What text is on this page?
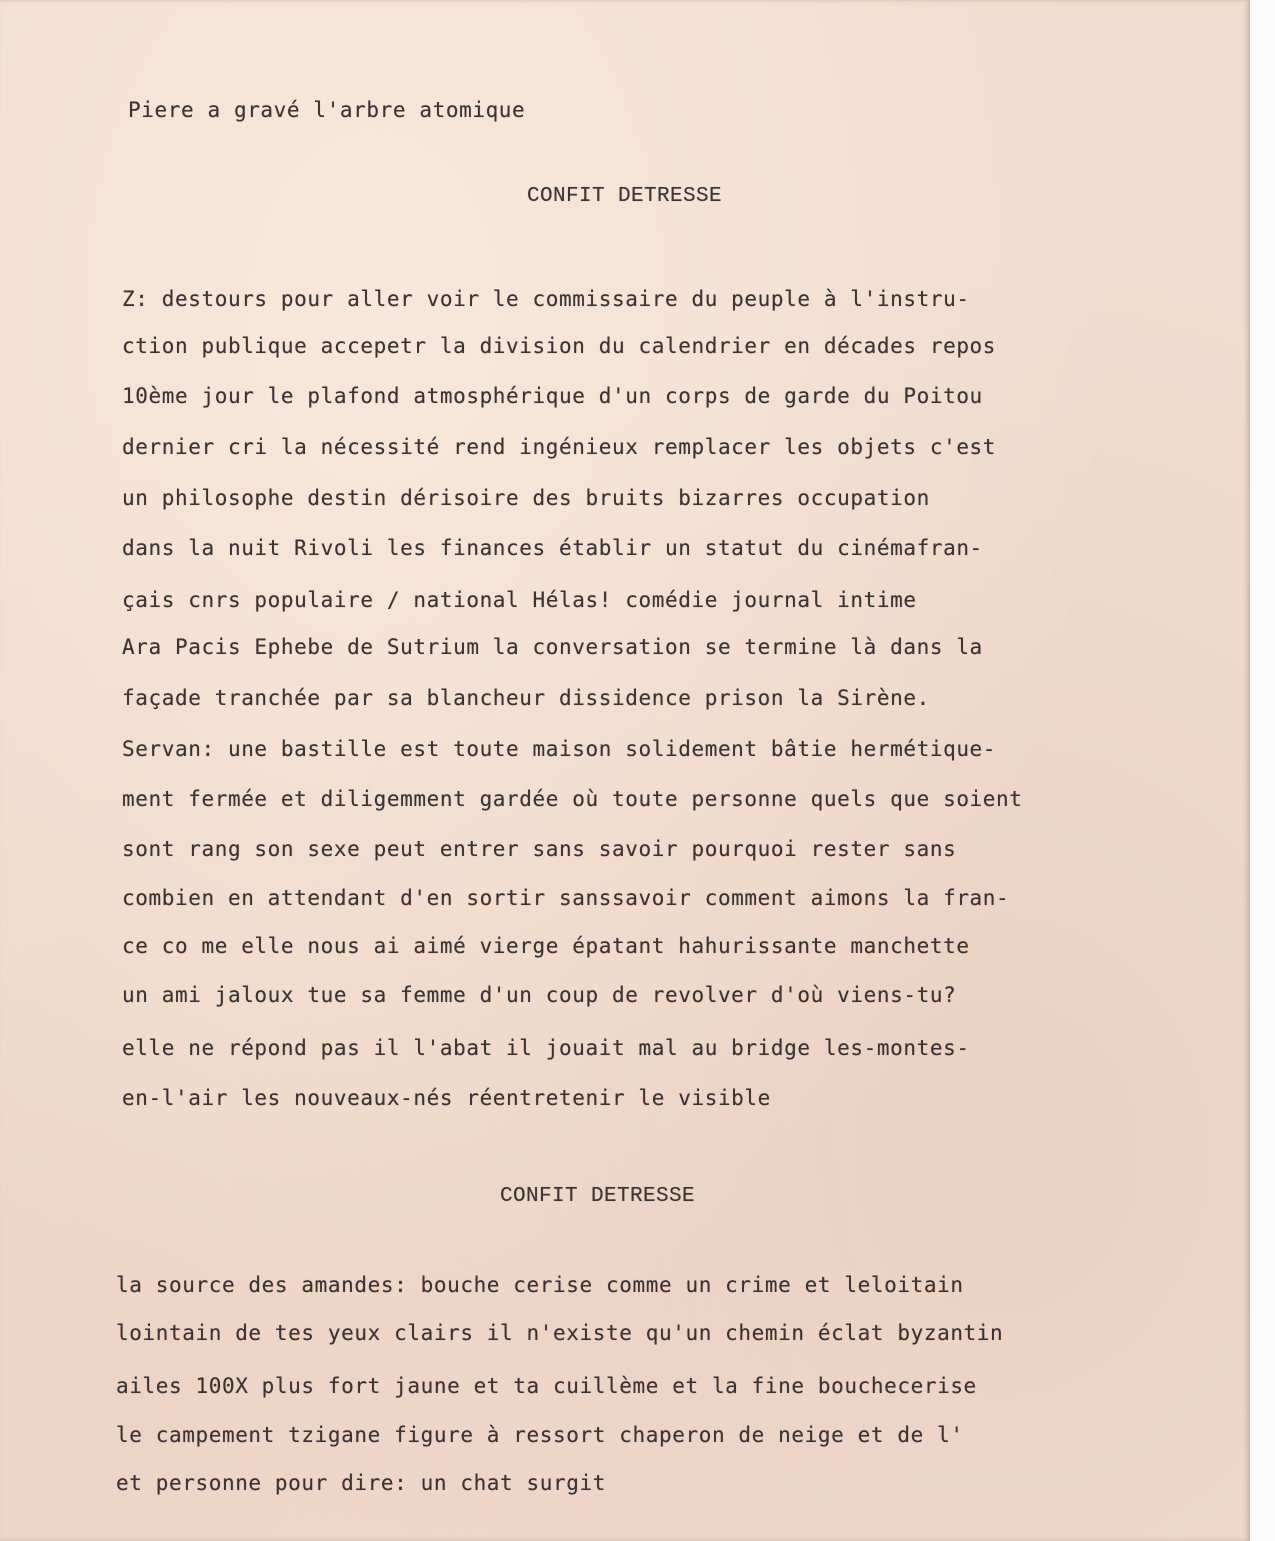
Piere a gravé l'arbre atomique

CONFIT DETRESSE

Z: destours pour aller voir le commissaire du peuple à l'instru-

ction publique accepetr la division du calendrier en décades repos

10ème jour le plafond atmosphérique d'un corps de garde du Poitou

dernier cri la nécessité rend ingénieux remplacer les objets c'est

un philosophe destin dérisoire des bruits bizarres occupation

dans la nuit Rivoli les finances établir un statut du cinémafran-

çais cnrs populaire / national Hélas! comédie journal intime

Ara Pacis Ephebe de Sutrium la conversation se termine là dans la

façade tranchée par sa blancheur dissidence prison la Sirène.

Servan: une bastille est toute maison solidement bâtie hermétique-

ment fermée et diligemment gardée où toute personne quels que soient

sont rang son sexe peut entrer sans savoir pourquoi rester sans

combien en attendant d'en sortir sanssavoir comment aimons la fran-

ce co me elle nous ai aimé vierge épatant hahurissante manchette

un ami jaloux tue sa femme d'un coup de revolver d'où viens-tu?

elle ne répond pas il l'abat il jouait mal au bridge les-montes-

en-l'air les nouveaux-nés réentretenir le visible

CONFIT DETRESSE

la source des amandes: bouche cerise comme un crime et leloitain

lointain de tes yeux clairs il n'existe qu'un chemin éclat byzantin

ailes 100X plus fort jaune et ta cuillème et la fine bouchecerise

le campement tzigane figure à ressort chaperon de neige et de l'

et personne pour dire: un chat surgit
